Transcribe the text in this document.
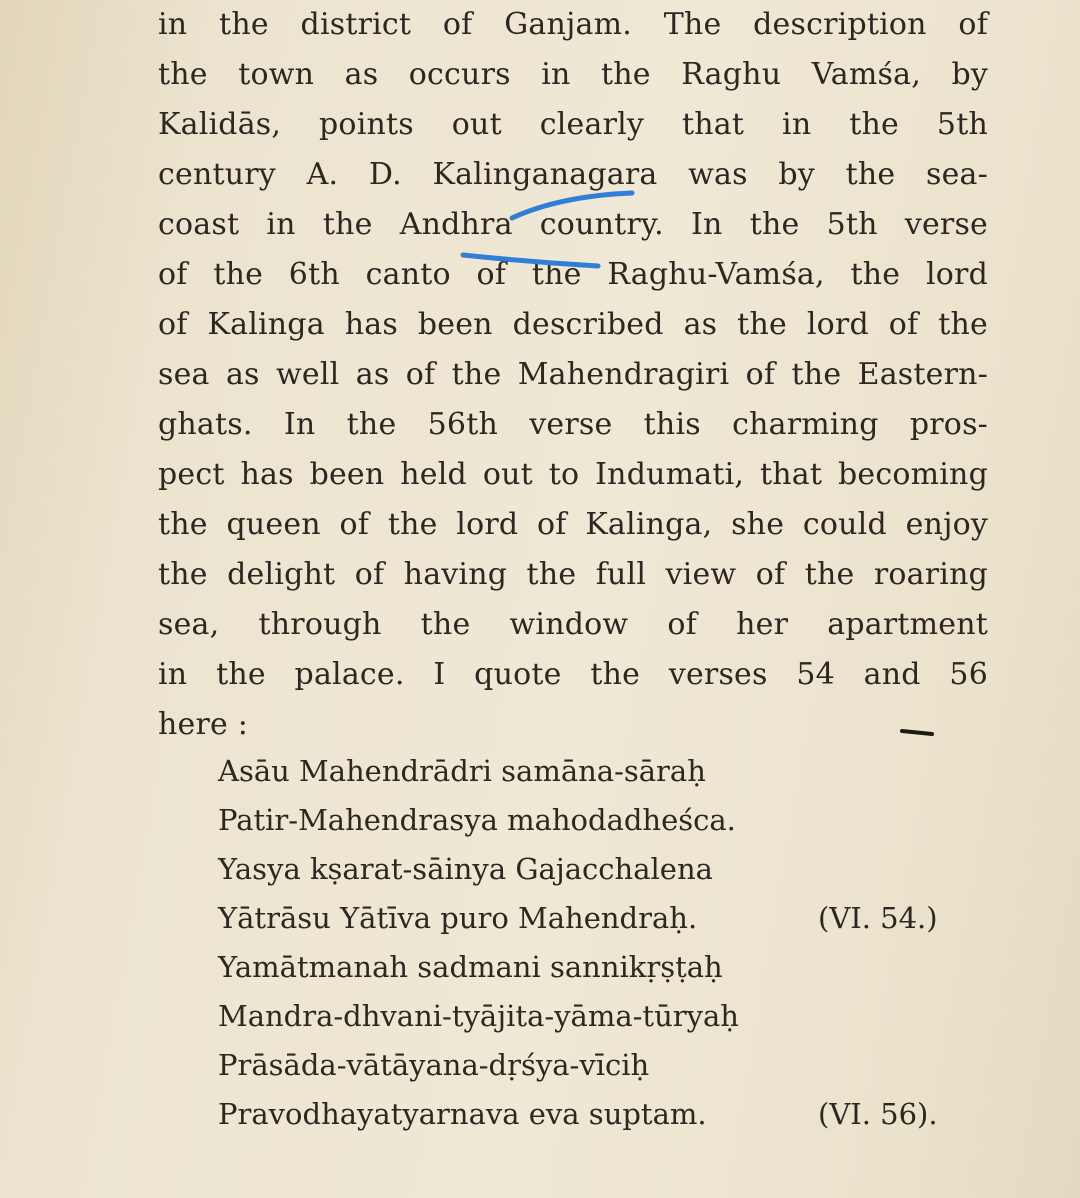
in the district of Ganjam. The description of
the town as occurs in the Raghu Vamśa, by
Kalidās, points out clearly that in the 5th
century A. D. Kalinganagara was by the sea-
coast in the Andhra country. In the 5th verse
of the 6th canto of the Raghu-Vamśa, the lord
of Kalinga has been described as the lord of the
sea as well as of the Mahendragiri of the Eastern-
ghats. In the 56th verse this charming pros-
pect has been held out to Indumati, that becoming
the queen of the lord of Kalinga, she could enjoy
the delight of having the full view of the roaring
sea, through the window of her apartment
in the palace. I quote the verses 54 and 56
here :
Asāu Mahendrādri samāna-sāraḥ
Patir-Mahendrasya mahodadheśca.
Yasya kṣarat-sāinya Gajacchalena
Yātrāsu Yātīva puro Mahendraḥ.	(VI. 54.)
Yamātmanah sadmani sannikṛṣṭaḥ
Mandra-dhvani-tyājita-yāma-tūryaḥ
Prāsāda-vātāyana-dṛśya-vīciḥ
Pravodhayatyarnava eva suptam.	(VI. 56).
